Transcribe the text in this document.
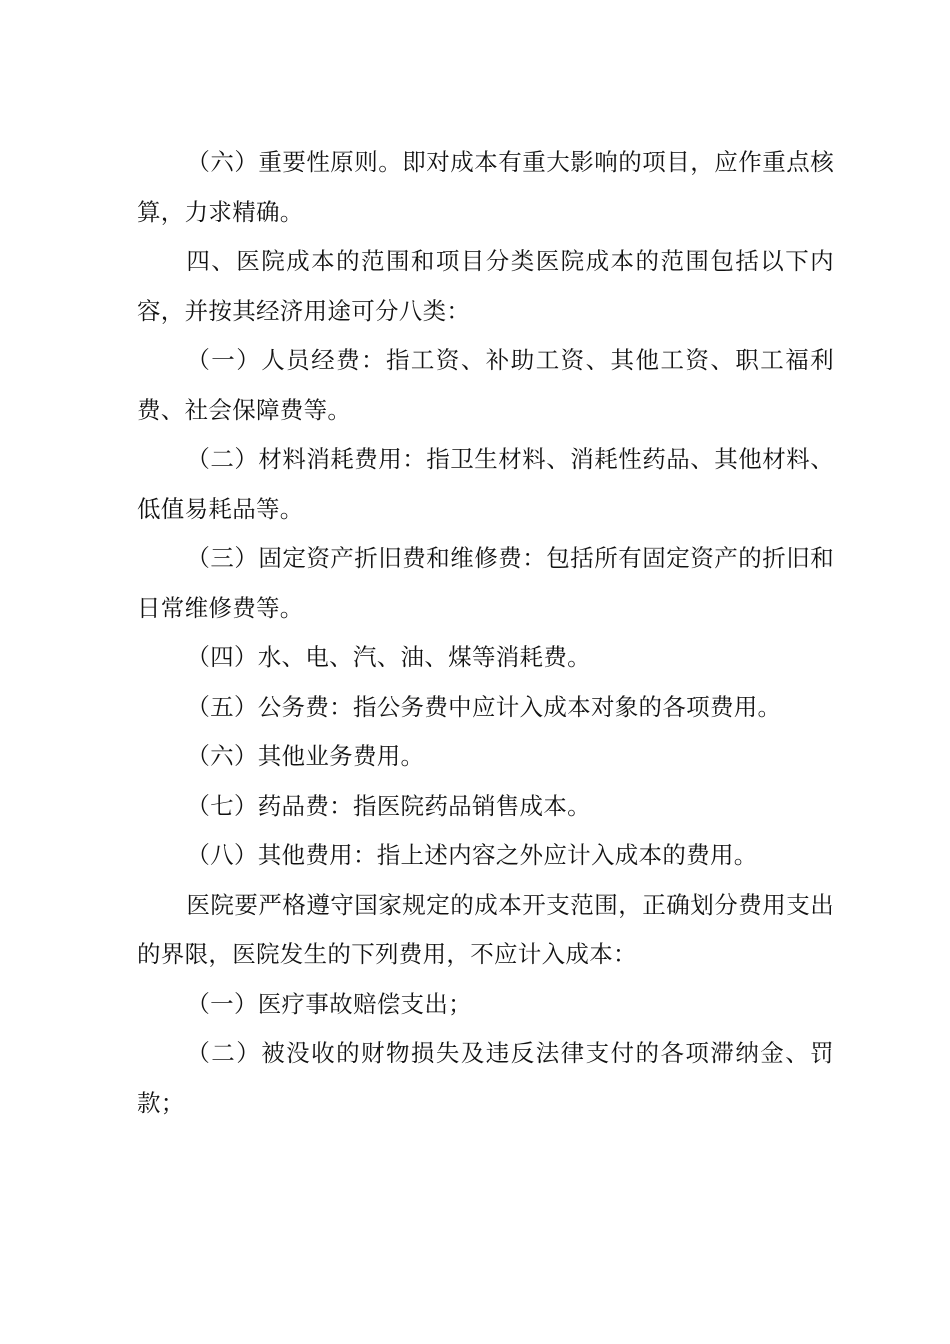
（六）重要性原则。即对成本有重大影响的项目，应作重点核算，力求精确。

四、医院成本的范围和项目分类医院成本的范围包括以下内容，并按其经济用途可分八类：

（一）人员经费：指工资、补助工资、其他工资、职工福利费、社会保障费等。

（二）材料消耗费用：指卫生材料、消耗性药品、其他材料、低值易耗品等。

（三）固定资产折旧费和维修费：包括所有固定资产的折旧和日常维修费等。

（四）水、电、汽、油、煤等消耗费。

（五）公务费：指公务费中应计入成本对象的各项费用。

（六）其他业务费用。

（七）药品费：指医院药品销售成本。

（八）其他费用：指上述内容之外应计入成本的费用。

医院要严格遵守国家规定的成本开支范围，正确划分费用支出的界限，医院发生的下列费用，不应计入成本：

（一）医疗事故赔偿支出；

（二）被没收的财物损失及违反法律支付的各项滞纳金、罚款；
